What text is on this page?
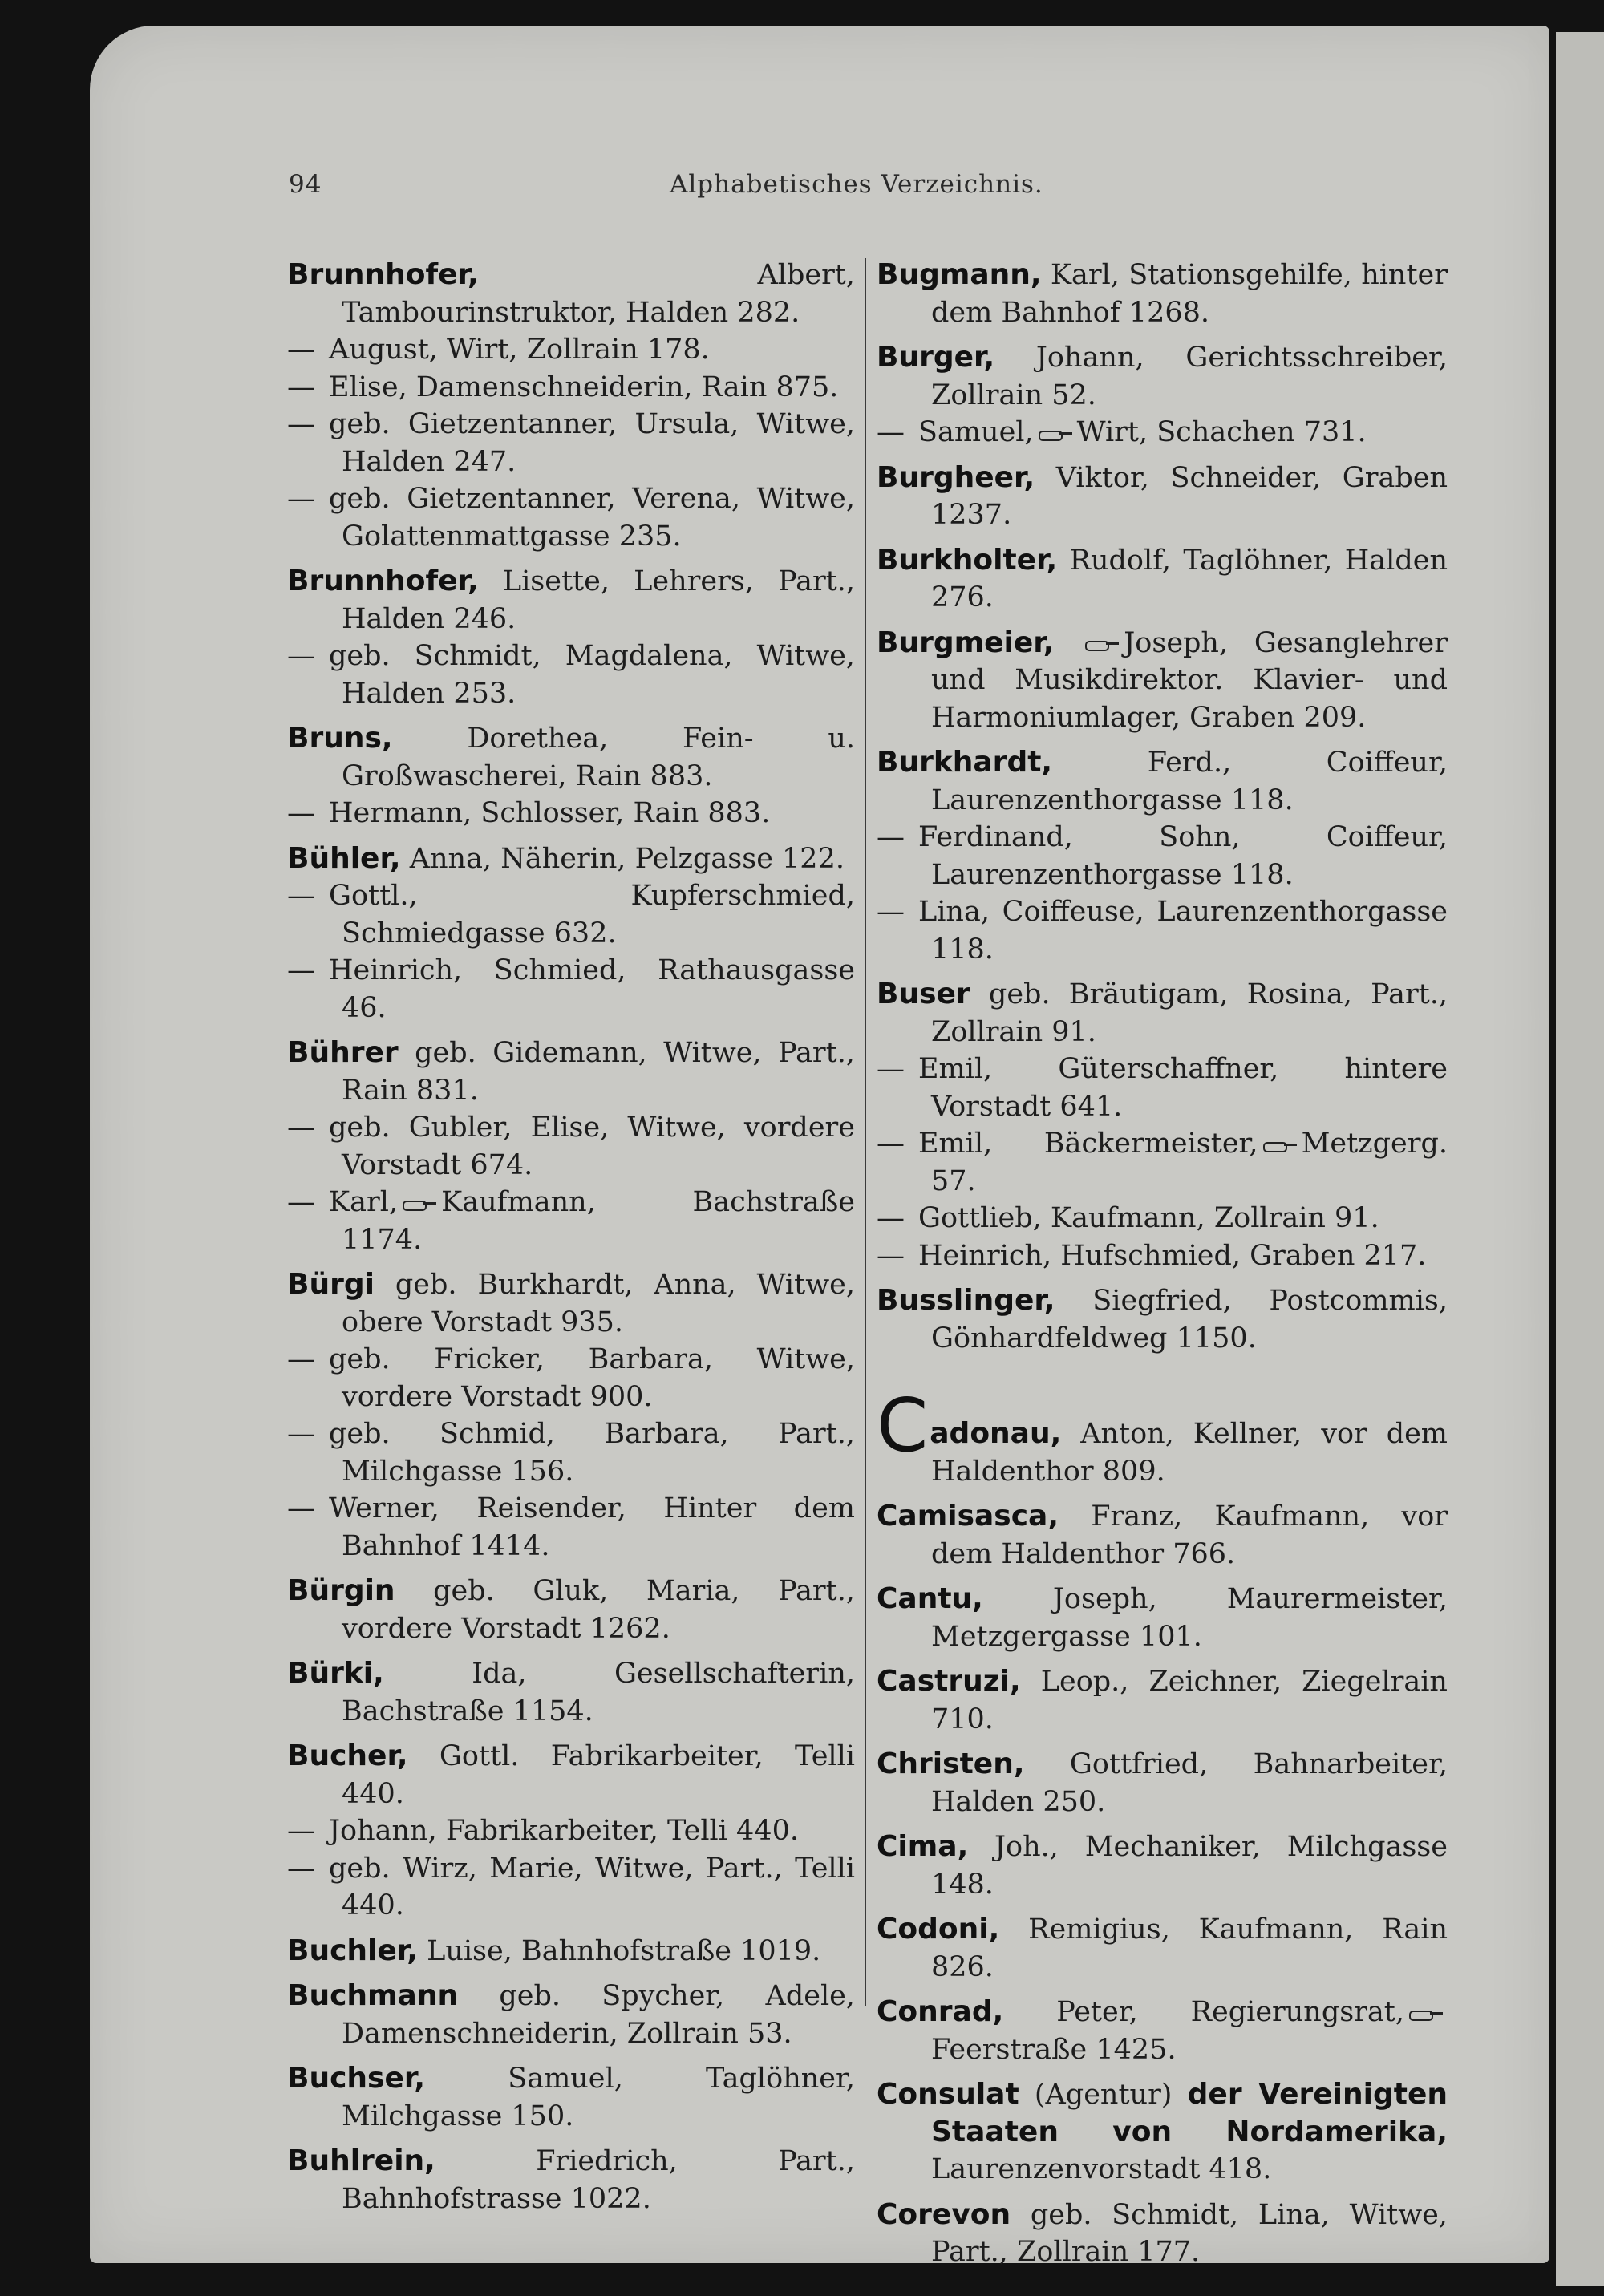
94	Alphabetisches Verzeichnis.

Brunnhofer,	Albert, Tambourinstruktor, Halden 282.

— August, Wirt, Zollrain 178.

— Elise, Damenschneiderin, Rain 875.

— geb. Gietzentanner, Ursula, Witwe, Halden 247.

— geb. Gietzentanner, Verena, Witwe, Golattenmattgasse 235.

Brunnhofer, Lisette, Lehrers, Part., Halden 246.

— geb. Schmidt, Magdalena, Witwe, Halden 253.

Bruns,	Dorethea, Fein- u. Großwascherei, Rain 883.

— Hermann, Schlosser, Rain 883.

Bühler, Anna, Näherin, Pelzgasse 122.

— Gottl., Kupferschmied, Schmiedgasse 632.

— Heinrich, Schmied, Rathausgasse 46.

Bührer geb. Gidemann, Witwe, Part., Rain 831.

— geb. Gubler, Elise, Witwe, vordere Vorstadt 674.

— Karl, Kaufmann, Bachstraße 1174.

Bürgi geb. Burkhardt, Anna, Witwe, obere Vorstadt 935.

— geb. Fricker, Barbara, Witwe, vordere Vorstadt 900.

— geb. Schmid, Barbara, Part., Milchgasse 156.

— Werner, Reisender, Hinter dem Bahnhof 1414.

Bürgin geb. Gluk, Maria, Part., vordere Vorstadt 1262.

Bürki,	Ida, Gesellschafterin, Bachstraße 1154.

Bucher, Gottl. Fabrikarbeiter, Telli 440.

— Johann, Fabrikarbeiter, Telli 440.

— geb. Wirz, Marie, Witwe, Part., Telli 440.

Buchler, Luise, Bahnhofstraße 1019.

Buchmann geb. Spycher, Adele, Damenschneiderin, Zollrain 53.

Buchser,	Samuel, Taglöhner, Milchgasse 150.

Buhlrein,	Friedrich, Part., Bahnhofstrasse 1022.

Bugmann, Karl, Stationsgehilfe, hinter dem Bahnhof 1268.

Burger, Johann, Gerichtsschreiber, Zollrain 52.

— Samuel, Wirt, Schachen 731.

Burgheer, Viktor, Schneider, Graben 1237.

Burkholter, Rudolf, Taglöhner, Halden 276.

Burgmeier, Joseph, Gesanglehrer und Musikdirektor. Klavier- und Harmoniumlager, Graben 209.

Burkhardt,	Ferd., Coiffeur, Laurenzenthorgasse 118.

— Ferdinand, Sohn, Coiffeur, Laurenzenthorgasse 118.

— Lina, Coiffeuse, Laurenzenthorgasse 118.

Buser geb. Bräutigam, Rosina, Part., Zollrain 91.

— Emil, Güterschaffner, hintere Vorstadt 641.

— Emil, Bäckermeister, Metzgerg. 57.

— Gottlieb, Kaufmann, Zollrain 91.

— Heinrich, Hufschmied, Graben 217.

Busslinger, Siegfried, Postcommis, Gönhardfeldweg 1150.

Cadonau, Anton, Kellner, vor dem Haldenthor 809.

Camisasca, Franz, Kaufmann, vor dem Haldenthor 766.

Cantu, Joseph, Maurermeister, Metzgergasse 101.

Castruzi, Leop., Zeichner, Ziegelrain 710.

Christen, Gottfried, Bahnarbeiter, Halden 250.

Cima, Joh., Mechaniker, Milchgasse 148.

Codoni, Remigius, Kaufmann, Rain 826.

Conrad, Peter, Regierungsrat,Feerstraße 1425.

Consulat (Agentur) der Vereinigten Staaten von Nordamerika, Laurenzenvorstadt 418.

Corevon geb. Schmidt, Lina, Witwe, Part., Zollrain 177.
